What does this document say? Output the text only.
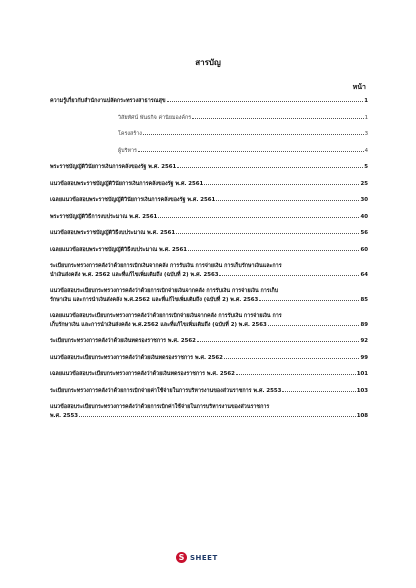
สารบัญ
หน้า
ความรู้เกี่ยวกับสำนักงานปลัดกระทรวงสาธารณสุข	1
วิสัยทัศน์ พันธกิจ ค่านิยมองค์กร	1
โครงสร้าง	3
ผู้บริหาร	4
พระราชบัญญัติวินัยการเงินการคลังของรัฐ พ.ศ. 2561	5
แนวข้อสอบพระราชบัญญัติวินัยการเงินการคลังของรัฐ พ.ศ. 2561	25
เฉลยแนวข้อสอบพระราชบัญญัติวินัยการเงินการคลังของรัฐ พ.ศ. 2561	30
พระราชบัญญัติวิธีการงบประมาณ พ.ศ. 2561	40
แนวข้อสอบพระราชบัญญัติวิธีงบประมาณ พ.ศ. 2561	56
เฉลยแนวข้อสอบพระราชบัญญัติวิธีงบประมาณ พ.ศ. 2561	60
ระเบียบกระทรวงการคลังว่าด้วยการเบิกเงินจากคลัง การรับเงิน การจ่ายเงิน การเก็บรักษาเงินและการ
นำเงินส่งคลัง พ.ศ. 2562 และที่แก้ไขเพิ่มเติมถึง (ฉบับที่ 2) พ.ศ. 2563	64
แนวข้อสอบระเบียบกระทรวงการคลังว่าด้วยการเบิกจ่ายเงินจากคลัง การรับเงิน การจ่ายเงิน การเก็บ
รักษาเงิน และการนำเงินส่งคลัง พ.ศ.2562 และที่แก้ไขเพิ่มเติมถึง (ฉบับที่ 2) พ.ศ. 2563	85
เฉลยแนวข้อสอบระเบียบกระทรวงการคลังว่าด้วยการเบิกจ่ายเงินจากคลัง การรับเงิน การจ่ายเงิน การ
เก็บรักษาเงิน และการนำเงินส่งคลัง พ.ศ.2562 และที่แก้ไขเพิ่มเติมถึง (ฉบับที่ 2) พ.ศ. 2563	89
ระเบียบกระทรวงการคลังว่าด้วยเงินทดรองราชการ พ.ศ. 2562	92
แนวข้อสอบระเบียบกระทรวงการคลังว่าด้วยเงินทดรองราชการ พ.ศ. 2562	99
เฉลยแนวข้อสอบระเบียบกระทรวงการคลังว่าด้วยเงินทดรองราชการ พ.ศ. 2562	101
ระเบียบกระทรวงการคลังว่าด้วยการเบิกจ่ายค่าใช้จ่ายในการบริหารงานของส่วนราชการ พ.ศ. 2553	103
แนวข้อสอบระเบียบกระทรวงการคลังว่าด้วยการเบิกค่าใช้จ่ายในการบริหารงานของส่วนราชการ
พ.ศ. 2553	108
S SHEET
